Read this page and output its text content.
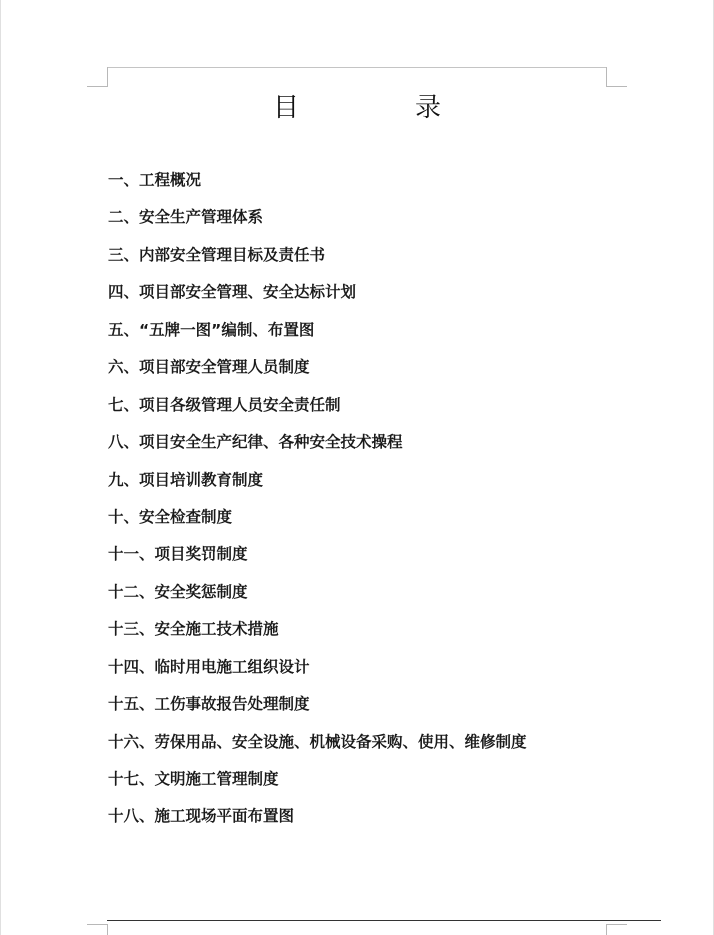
目	录
一、工程概况
二、安全生产管理体系
三、内部安全管理目标及责任书
四、项目部安全管理、安全达标计划
五、“五牌一图”编制、布置图
六、项目部安全管理人员制度
七、项目各级管理人员安全责任制
八、项目安全生产纪律、各种安全技术操程
九、项目培训教育制度
十、安全检查制度
十一、项目奖罚制度
十二、安全奖惩制度
十三、安全施工技术措施
十四、临时用电施工组织设计
十五、工伤事故报告处理制度
十六、劳保用品、安全设施、机械设备采购、使用、维修制度
十七、文明施工管理制度
十八、施工现场平面布置图
